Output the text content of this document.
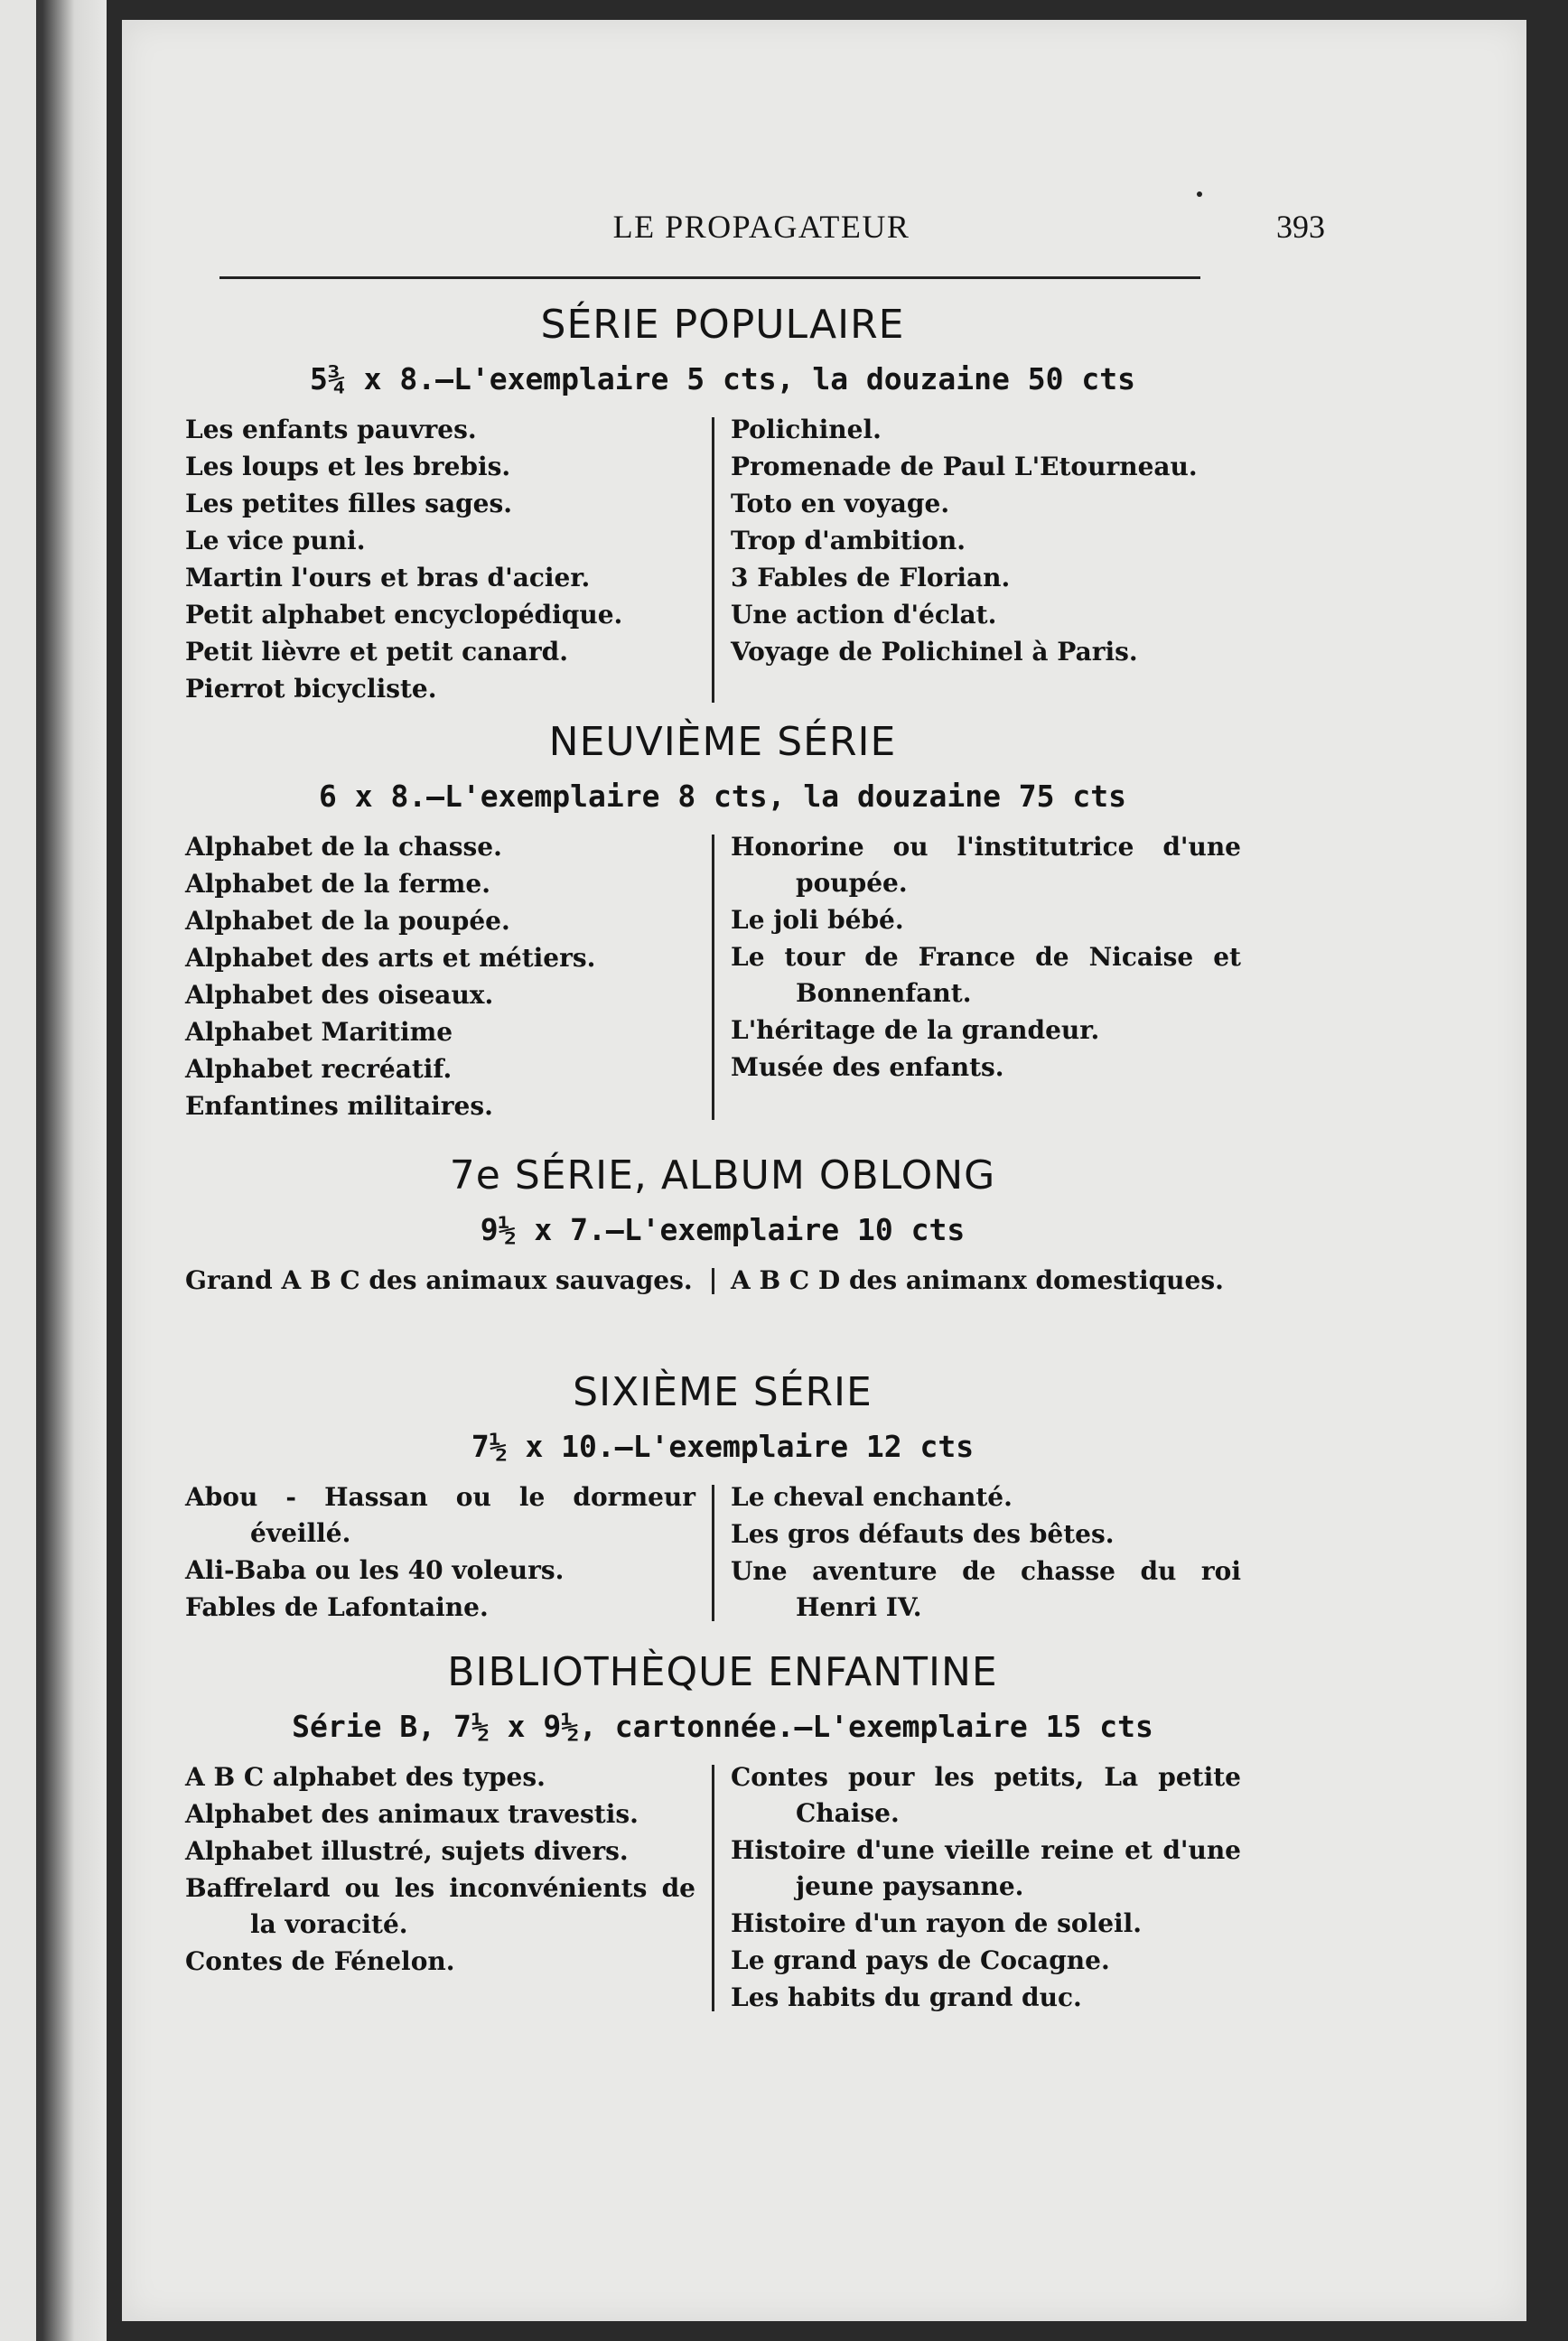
LE PROPAGATEUR	393
SÉRIE POPULAIRE
5¾ x 8.—L'exemplaire 5 cts, la douzaine 50 cts
Les enfants pauvres.
Les loups et les brebis.
Les petites filles sages.
Le vice puni.
Martin l'ours et bras d'acier.
Petit alphabet encyclopédique.
Petit lièvre et petit canard.
Pierrot bicycliste.
Polichinel.
Promenade de Paul L'Etourneau.
Toto en voyage.
Trop d'ambition.
3 Fables de Florian.
Une action d'éclat.
Voyage de Polichinel à Paris.
NEUVIÈME SÉRIE
6 x 8.—L'exemplaire 8 cts, la douzaine 75 cts
Alphabet de la chasse.
Alphabet de la ferme.
Alphabet de la poupée.
Alphabet des arts et métiers.
Alphabet des oiseaux.
Alphabet Maritime
Alphabet recréatif.
Enfantines militaires.
Honorine ou l'institutrice d'une poupée.
Le joli bébé.
Le tour de France de Nicaise et Bonnenfant.
L'héritage de la grandeur.
Musée des enfants.
7e SÉRIE, ALBUM OBLONG
9½ x 7.—L'exemplaire 10 cts
Grand A B C des animaux sauvages. A B C D des animanx domestiques.
SIXIÈME SÉRIE
7½ x 10.—L'exemplaire 12 cts
Abou - Hassan ou le dormeur éveillé.
Ali-Baba ou les 40 voleurs.
Fables de Lafontaine.
Le cheval enchanté.
Les gros défauts des bêtes.
Une aventure de chasse du roi Henri IV.
BIBLIOTHÈQUE ENFANTINE
Série B, 7½ x 9½, cartonnée.—L'exemplaire 15 cts
A B C alphabet des types.
Alphabet des animaux travestis.
Alphabet illustré, sujets divers.
Baffrelard ou les inconvénients de la voracité.
Contes de Fénelon.
Contes pour les petits, La petite Chaise.
Histoire d'une vieille reine et d'une jeune paysanne.
Histoire d'un rayon de soleil.
Le grand pays de Cocagne.
Les habits du grand duc.
